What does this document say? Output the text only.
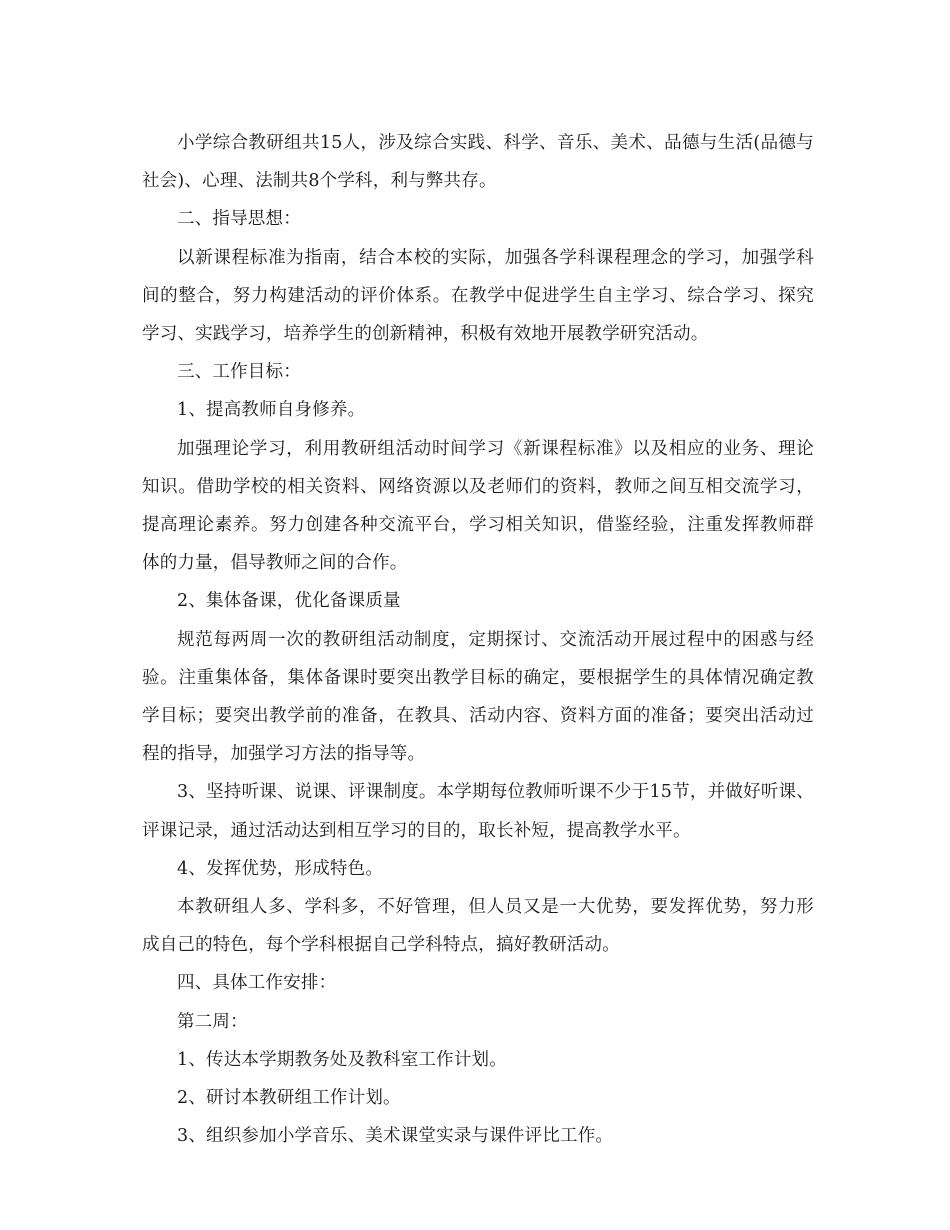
小学综合教研组共15人，涉及综合实践、科学、音乐、美术、品德与生活(品德与社会)、心理、法制共8个学科，利与弊共存。

二、指导思想：

以新课程标准为指南，结合本校的实际，加强各学科课程理念的学习，加强学科间的整合，努力构建活动的评价体系。在教学中促进学生自主学习、综合学习、探究学习、实践学习，培养学生的创新精神，积极有效地开展教学研究活动。

三、工作目标：

1、提高教师自身修养。

加强理论学习，利用教研组活动时间学习《新课程标准》以及相应的业务、理论知识。借助学校的相关资料、网络资源以及老师们的资料，教师之间互相交流学习，提高理论素养。努力创建各种交流平台，学习相关知识，借鉴经验，注重发挥教师群体的力量，倡导教师之间的合作。

2、集体备课，优化备课质量

规范每两周一次的教研组活动制度，定期探讨、交流活动开展过程中的困惑与经验。注重集体备，集体备课时要突出教学目标的确定，要根据学生的具体情况确定教学目标；要突出教学前的准备，在教具、活动内容、资料方面的准备；要突出活动过程的指导，加强学习方法的指导等。

3、坚持听课、说课、评课制度。本学期每位教师听课不少于15节，并做好听课、评课记录，通过活动达到相互学习的目的，取长补短，提高教学水平。

4、发挥优势，形成特色。

本教研组人多、学科多，不好管理，但人员又是一大优势，要发挥优势，努力形成自己的特色，每个学科根据自己学科特点，搞好教研活动。

四、具体工作安排：

第二周：

1、传达本学期教务处及教科室工作计划。

2、研讨本教研组工作计划。

3、组织参加小学音乐、美术课堂实录与课件评比工作。
